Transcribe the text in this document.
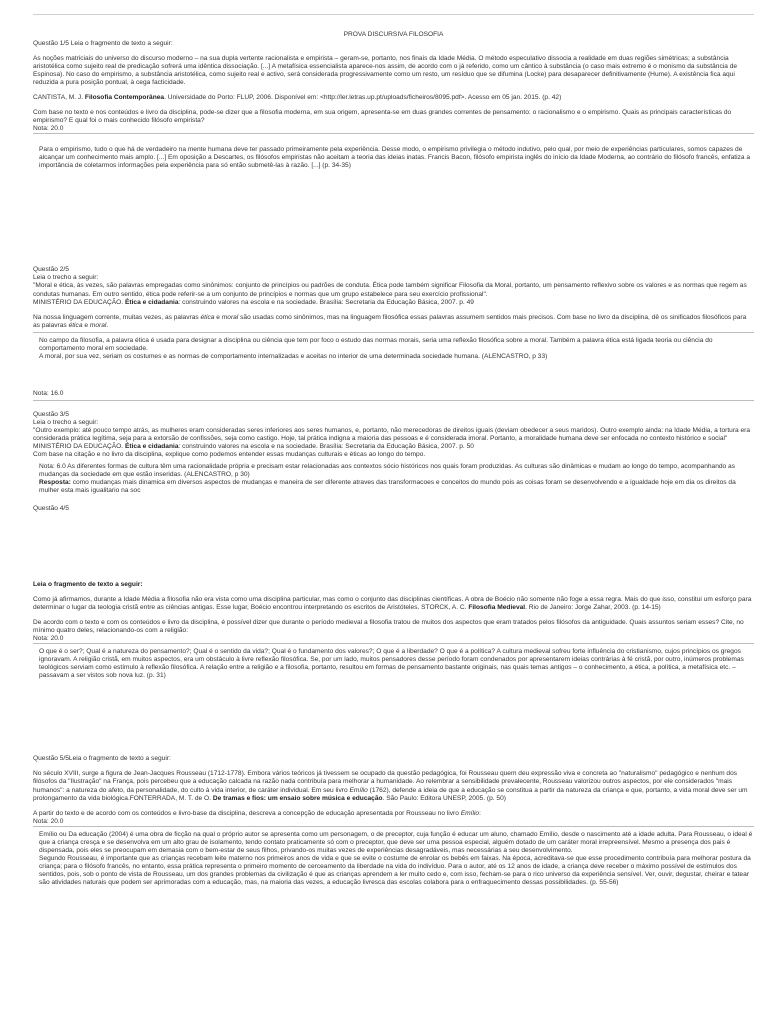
PROVA DISCURSIVA FILOSOFIA

Questão 1/5 Leia o fragmento de texto a seguir:

As noções matriciais do universo do discurso moderno – na sua dupla vertente racionalista e empirista – geram-se, portanto, nos finais da Idade Média. O método especulativo dissocia a realidade em duas regiões simétricas; a substância aristotélica como sujeito real de predicação sofrerá uma idêntica dissociação. [...] A metafísica essencialista aparece-nos assim, de acordo com o já referido, como um cântico à substância (o caso mais extremo é o monismo da substância de Espinosa). No caso do empirismo, a substância aristotélica, como sujeito real e activo, será considerada progressivamente como um resto, um resíduo que se difumina (Locke) para desaparecer definitivamente (Hume). A existência fica aqui reduzida a pura posição pontual, à cega facticidade.

CANTISTA, M. J. Filosofia Contemporânea. Universidade do Porto: FLUP, 2006. Disponível em: <http://ler.letras.up.pt/uploads/ficheiros/8095.pdf>. Acesso em 05 jan. 2015. (p. 42)

Com base no texto e nos conteúdos e livro da disciplina, pode-se dizer que a filosofia moderna, em sua origem, apresenta-se em duas grandes correntes de pensamento: o racionalismo e o empirismo. Quais as principais características do empirismo? E qual foi o mais conhecido filósofo empirista?

Nota: 20.0

Para o empirismo, tudo o que há de verdadeiro na mente humana deve ter passado primeiramente pela experiência. Desse modo, o empirismo privilegia o método indutivo, pelo qual, por meio de experiências particulares, somos capazes de alcançar um conhecimento mais amplo. [...] Em oposição a Descartes, os filósofos empiristas não aceitam a teoria das ideias inatas. Francis Bacon, filósofo empirista inglês do início da Idade Moderna, ao contrário do filósofo francês, enfatiza a importância de coletarmos informações pela experiência para só então submetê-las à razão. [...] (p. 34-35)

Questão 2/5

Leia o trecho a seguir:

"Moral e ética, às vezes, são palavras empregadas como sinônimos: conjunto de princípios ou padrões de conduta. Ética pode também significar Filosofia da Moral, portanto, um pensamento reflexivo sobre os valores e as normas que regem as condutas humanas. Em outro sentido, ética pode referir-se a um conjunto de princípios e normas que um grupo estabelece para seu exercício profissional".

MINISTÉRIO DA EDUCAÇÃO. Ética e cidadania: construindo valores na escola e na sociedade. Brasília: Secretaria da Educação Básica, 2007. p. 49

Na nossa linguagem corrente, muitas vezes, as palavras ética e moral são usadas como sinônimos, mas na linguagem filosófica essas palavras assumem sentidos mais precisos. Com base no livro da disciplina, dê os sinificados filosóficos para as palavras ética e moral.

No campo da filosofia, a palavra ética é usada para designar a disciplina ou ciência que tem por foco o estudo das normas morais, seria uma reflexão filosófica sobre a moral. Também a palavra ética está ligada teoria ou ciência do comportamento moral em sociedade.

A moral, por sua vez, seriam os costumes e as normas de comportamento internalizadas e aceitas no interior de uma determinada sociedade humana. (ALENCASTRO, p 33)

Nota: 16.0

Questão 3/5

Leia o trecho a seguir:

"Outro exemplo: até pouco tempo atrás, as mulheres eram consideradas seres inferiores aos seres humanos, e, portanto, não merecedoras de direitos iguais (deviam obedecer a seus maridos). Outro exemplo ainda: na Idade Média, a tortura era considerada prática legítima, seja para a extorsão de confissões, seja como castigo. Hoje, tal prática indigna a maioria das pessoas e é considerada imoral. Portanto, a moralidade humana deve ser enfocada no contexto histórico e social"

MINISTÉRIO DA EDUCAÇÃO. Ética e cidadania: construindo valores na escola e na sociedade. Brasília: Secretaria da Educação Básica, 2007. p. 50

Com base na citação e no livro da disciplina, explique como podemos entender essas mudanças culturais e éticas ao longo do tempo.

Nota: 6.0 As diferentes formas de cultura têm uma racionalidade própria e precisam estar relacionadas aos contextos sócio históricos nos quais foram produzidas. As culturas são dinâmicas e mudam ao longo do tempo, acompanhando as mudanças da sociedade em que estão inseridas. (ALENCASTRO, p 30)

Resposta: como mudanças mais dinamica em diversos aspectos de mudanças e maneira de ser diferente atraves das transformacoes e conceitos do mundo pois as coisas foram se desenvolvendo e a igualdade hoje em dia os direitos da mulher esta mais igualitario na soc

Questão 4/5

Leia o fragmento de texto a seguir:

Como já afirmamos, durante a Idade Média a filosofia não era vista como uma disciplina particular, mas como o conjunto das disciplinas científicas. A obra de Boécio não somente não foge a essa regra. Mais do que isso, constitui um esforço para determinar o lugar da teologia cristã entre as ciências antigas. Esse lugar, Boécio encontrou interpretando os escritos de Aristóteles. STORCK, A. C. Filosofia Medieval. Rio de Janeiro: Jorge Zahar, 2003. (p. 14-15)

De acordo com o texto e com os conteúdos e livro da disciplina, é possível dizer que durante o período medieval a filosofia tratou de muitos dos aspectos que eram tratados pelos filósofos da antiguidade. Quais assuntos seriam esses? Cite, no mínimo quatro deles, relacionando-os com a religião:

Nota: 20.0

O que é o ser?; Qual é a natureza do pensamento?; Qual é o sentido da vida?; Qual é o fundamento dos valores?; O que é a liberdade? O que é a política? A cultura medieval sofreu forte influência do cristianismo, cujos princípios os gregos ignoravam. A religião cristã, em muitos aspectos, era um obstáculo à livre reflexão filosófica. Se, por um lado, muitos pensadores desse período foram condenados por apresentarem ideias contrárias à fé cristã, por outro, inúmeros problemas teológicos serviam como estímulo à reflexão filosófica. A relação entre a religião e a filosofia, portanto, resultou em formas de pensamento bastante originais, nas quais temas antigos – o conhecimento, a ética, a política, a metafísica etc. – passavam a ser vistos sob nova luz. (p. 31)

Questão 5/5Leia o fragmento de texto a seguir:

No século XVIII, surge a figura de Jean-Jacques Rousseau (1712-1778). Embora vários teóricos já tivessem se ocupado da questão pedagógica, foi Rousseau quem deu expressão viva e concreta ao "naturalismo" pedagógico e nenhum dos filósofos da "Ilustração" na França, pois percebeu que a educação calcada na razão nada contribuía para melhorar a humanidade. Ao relembrar a sensibilidade prevalecente, Rousseau valorizou outros aspectos, por ele considerados "mais humanos": a natureza do afeto, da personalidade, do culto à vida interior, de caráter individual. Em seu livro Emílio (1762), defende a ideia de que a educação se constitua a partir da natureza da criança e que, portanto, a vida moral deve ser um prolongamento da vida biológica.FONTERRADA, M. T. de O. De tramas e fios: um ensaio sobre música e educação. São Paulo: Editora UNESP, 2005. (p. 50)

A partir do texto e de acordo com os conteúdos e livro-base da disciplina, descreva a concepção de educação apresentada por Rousseau no livro Emílio:

Nota: 20.0

Emílio ou Da educação (2004) é uma obra de ficção na qual o próprio autor se apresenta como um personagem, o de preceptor, cuja função é educar um aluno, chamado Emílio, desde o nascimento até a idade adulta. Para Rousseau, o ideal é que a criança cresça e se desenvolva em um alto grau de isolamento, tendo contato praticamente só com o preceptor, que deve ser uma pessoa especial, alguém dotado de um caráter moral irrepreensível. Mesmo a presença dos pais é dispensada, pois eles se preocupam em demasia com o bem-estar de seus filhos, privando-os muitas vezes de experiências desagradáveis, mas necessárias a seu desenvolvimento.

Segundo Rousseau, é importante que as crianças recebam leite materno nos primeiros anos de vida e que se evite o costume de enrolar os bebês em faixas. Na época, acreditava-se que esse procedimento contribuía para melhorar postura da criança; para o filósofo francês, no entanto, essa prática representa o primeiro momento de cerceamento da liberdade na vida do indivíduo. Para o autor, até os 12 anos de idade, a criança deve receber o máximo possível de estímulos dos sentidos, pois, sob o ponto de vista de Rousseau, um dos grandes problemas da civilização é que as crianças aprendem a ler muito cedo e, com isso, fecham-se para o rico universo da experiência sensível. Ver, ouvir, degustar, cheirar e tatear são atividades naturais que podem ser aprimoradas com a educação, mas, na maioria das vezes, a educação livresca das escolas colabora para o enfraquecimento dessas possibilidades. (p. 55-56)
